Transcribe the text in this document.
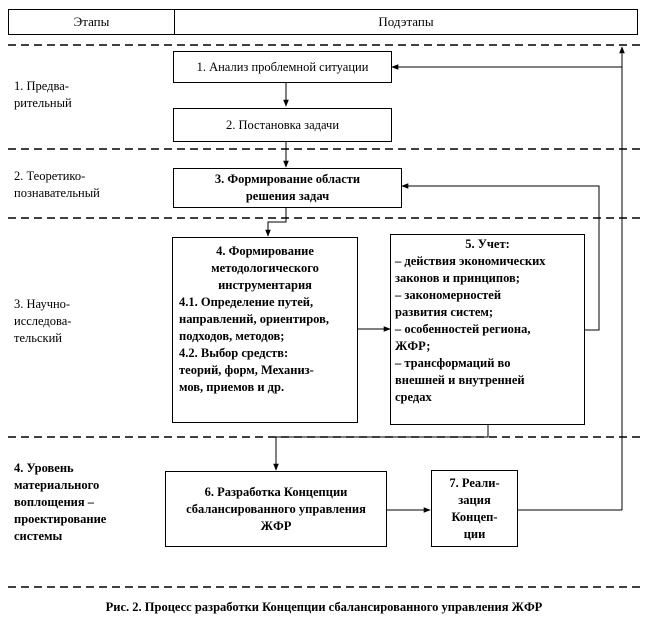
Этапы	Подэтапы
1. Предва-
рительный
2. Теоретико-
познавательный
3. Научно-
исследова-
тельский
4. Уровень
материального
воплощения –
проектирование
системы
1. Анализ проблемной ситуации
2. Постановка задачи
3. Формирование области
решения задач
4. Формирование
методологического
инструментария
4.1. Определение путей,
направлений, ориентиров,
подходов, методов;
4.2. Выбор средств:
теорий, форм, Механиз-
мов, приемов и др.
5. Учет:
– действия экономических
законов и принципов;
– закономерностей
развития систем;
– особенностей региона,
ЖФР;
– трансформаций во
внешней и внутренней
средах
6. Разработка Концепции
сбалансированного управления
ЖФР
7. Реали-
зация
Концеп-
ции
Рис. 2. Процесс разработки Концепции сбалансированного управления ЖФР
